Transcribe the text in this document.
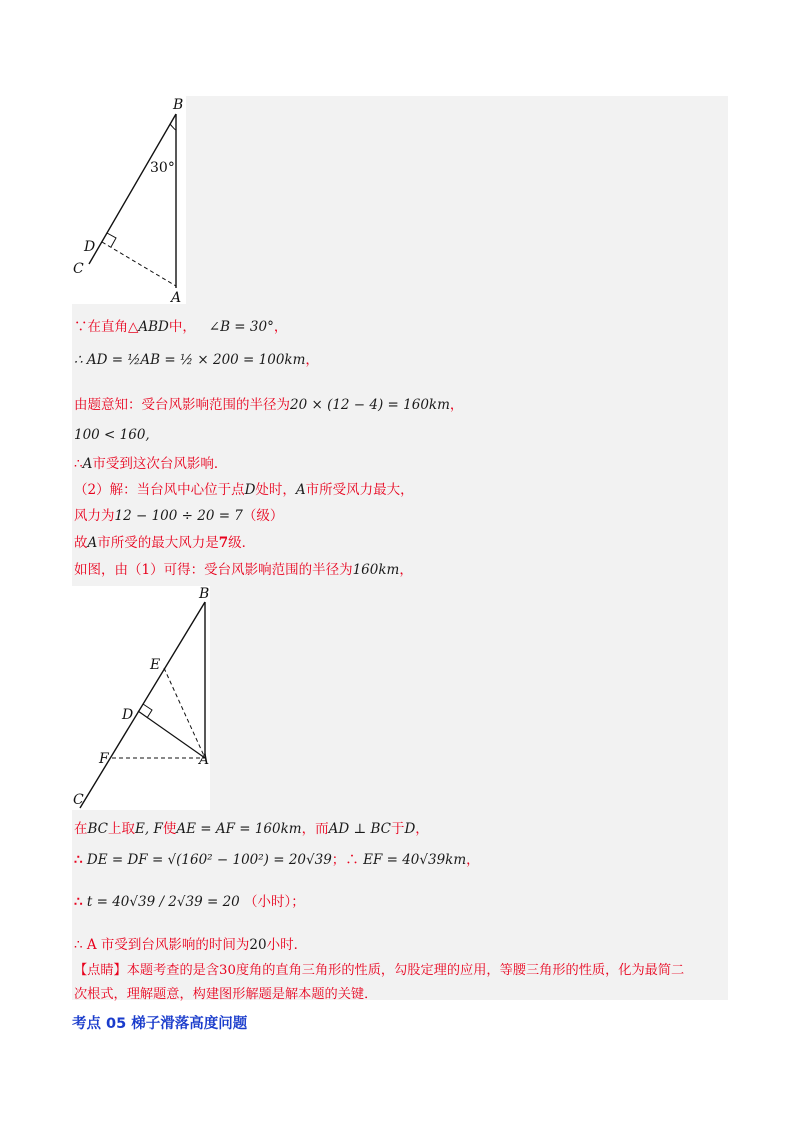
B
A
D
C
30°
∵在直角△ABD中， ∠B = 30°，
∴ AD = ½AB = ½ × 200 = 100km，
由题意知：受台风影响范围的半径为20 × (12 − 4) = 160km，
100 < 160,
∴A市受到这次台风影响．
（2）解：当台风中心位于点D处时，A市所受风力最大，
风力为12 − 100 ÷ 20 = 7（级）
故A市所受的最大风力是7级．
如图，由（1）可得：受台风影响范围的半径为160km，
B
E
D
F	A
C
在BC上取E, F使AE = AF = 160km，而AD ⊥ BC于D，
∴ DE = DF = √(160² − 100²) = 20√39；∴ EF = 40√39km，
∴ t = 40√39 / 2√39 = 20 （小时）；
∴ A 市受到台风影响的时间为20小时．
【点睛】本题考查的是含30度角的直角三角形的性质，勾股定理的应用，等腰三角形的性质，化为最简二
次根式，理解题意，构建图形解题是解本题的关键．
考点 05 梯子滑落高度问题
